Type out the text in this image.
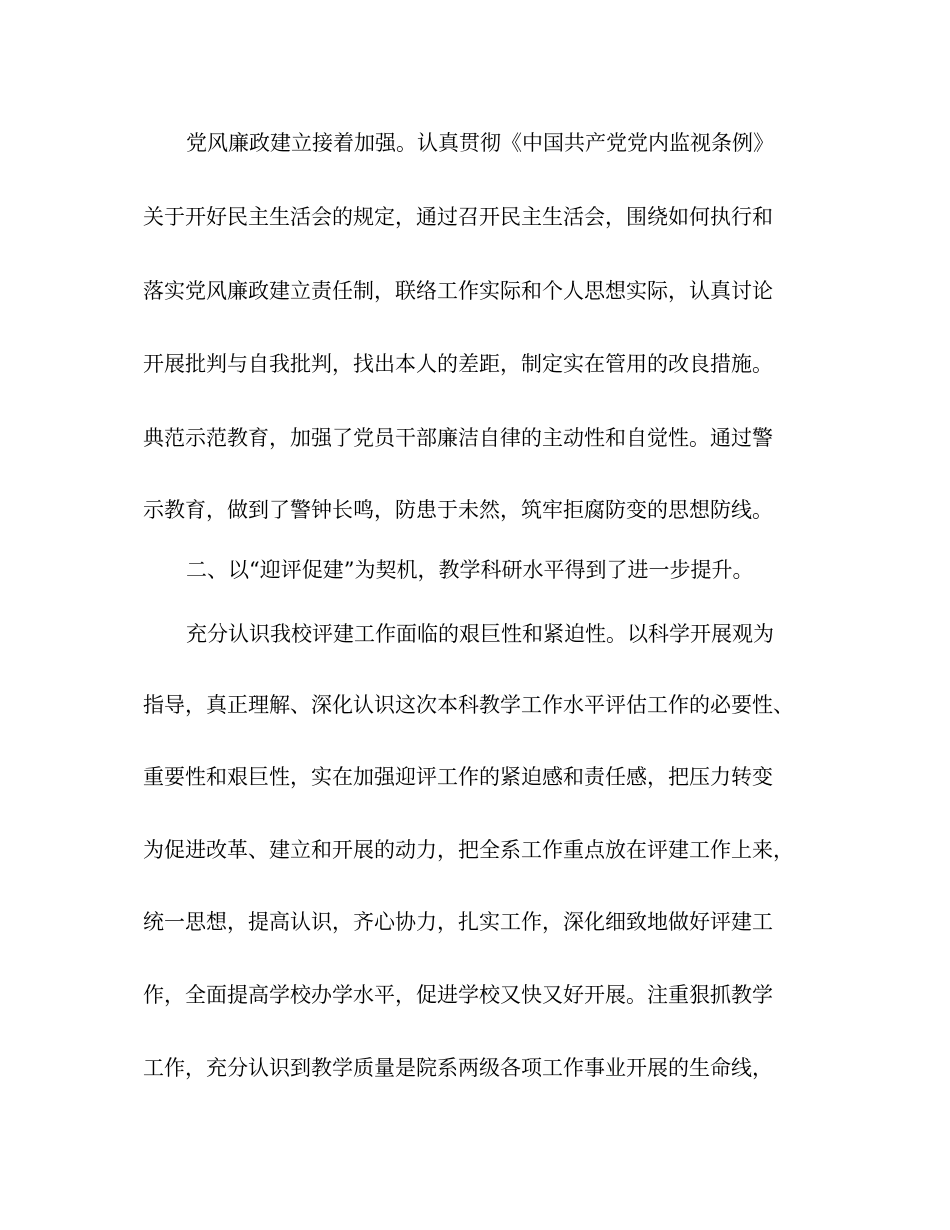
党风廉政建立接着加强。认真贯彻《中国共产党党内监视条例》
关于开好民主生活会的规定，通过召开民主生活会，围绕如何执行和
落实党风廉政建立责任制，联络工作实际和个人思想实际，认真讨论
开展批判与自我批判，找出本人的差距，制定实在管用的改良措施。
典范示范教育，加强了党员干部廉洁自律的主动性和自觉性。通过警
示教育，做到了警钟长鸣，防患于未然，筑牢拒腐防变的思想防线。
二、以“迎评促建”为契机，教学科研水平得到了进一步提升。
充分认识我校评建工作面临的艰巨性和紧迫性。以科学开展观为
指导，真正理解、深化认识这次本科教学工作水平评估工作的必要性、
重要性和艰巨性，实在加强迎评工作的紧迫感和责任感，把压力转变
为促进改革、建立和开展的动力，把全系工作重点放在评建工作上来，
统一思想，提高认识，齐心协力，扎实工作，深化细致地做好评建工
作，全面提高学校办学水平，促进学校又快又好开展。注重狠抓教学
工作，充分认识到教学质量是院系两级各项工作事业开展的生命线，
